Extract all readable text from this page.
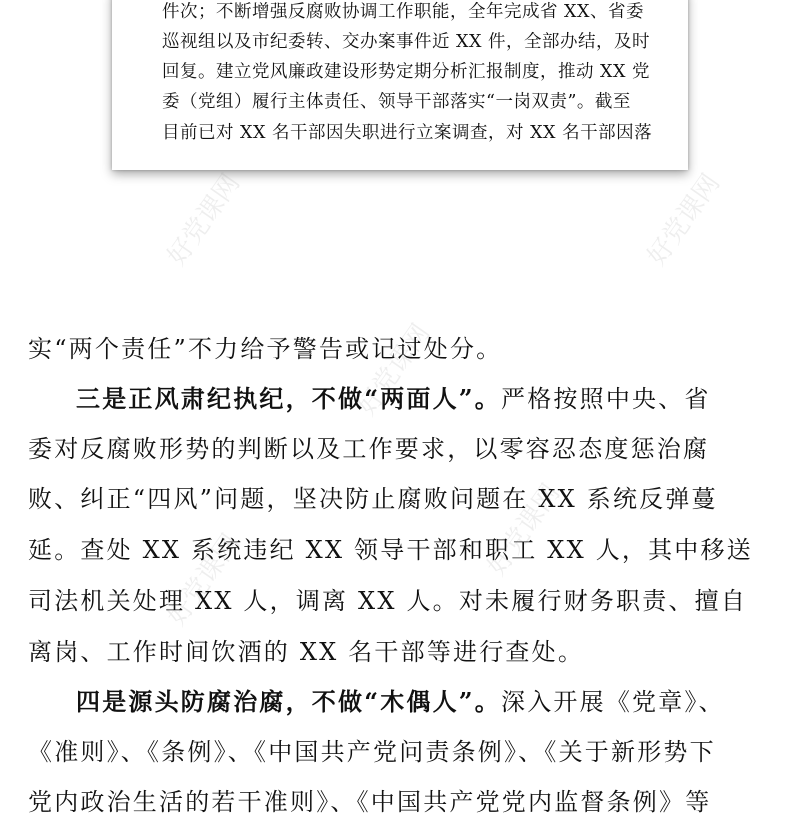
件次；不断增强反腐败协调工作职能，全年完成省 XX、省委
巡视组以及市纪委转、交办案事件近 XX 件，全部办结，及时
回复。建立党风廉政建设形势定期分析汇报制度，推动 XX 党
委（党组）履行主体责任、领导干部落实“一岗双责”。截至
目前已对 XX 名干部因失职进行立案调查，对 XX 名干部因落
好党课网	好党课网
好党课网
好党课网	好党课网
实“两个责任”不力给予警告或记过处分。
三是正风肃纪执纪，不做“两面人”。严格按照中央、省
委对反腐败形势的判断以及工作要求，以零容忍态度惩治腐
败、纠正“四风”问题，坚决防止腐败问题在 XX 系统反弹蔓
延。查处 XX 系统违纪 XX 领导干部和职工 XX 人，其中移送
司法机关处理 XX 人，调离 XX 人。对未履行财务职责、擅自
离岗、工作时间饮酒的 XX 名干部等进行查处。
四是源头防腐治腐，不做“木偶人”。深入开展《党章》、
《准则》、《条例》、《中国共产党问责条例》、《关于新形势下
党内政治生活的若干准则》、《中国共产党党内监督条例》等
